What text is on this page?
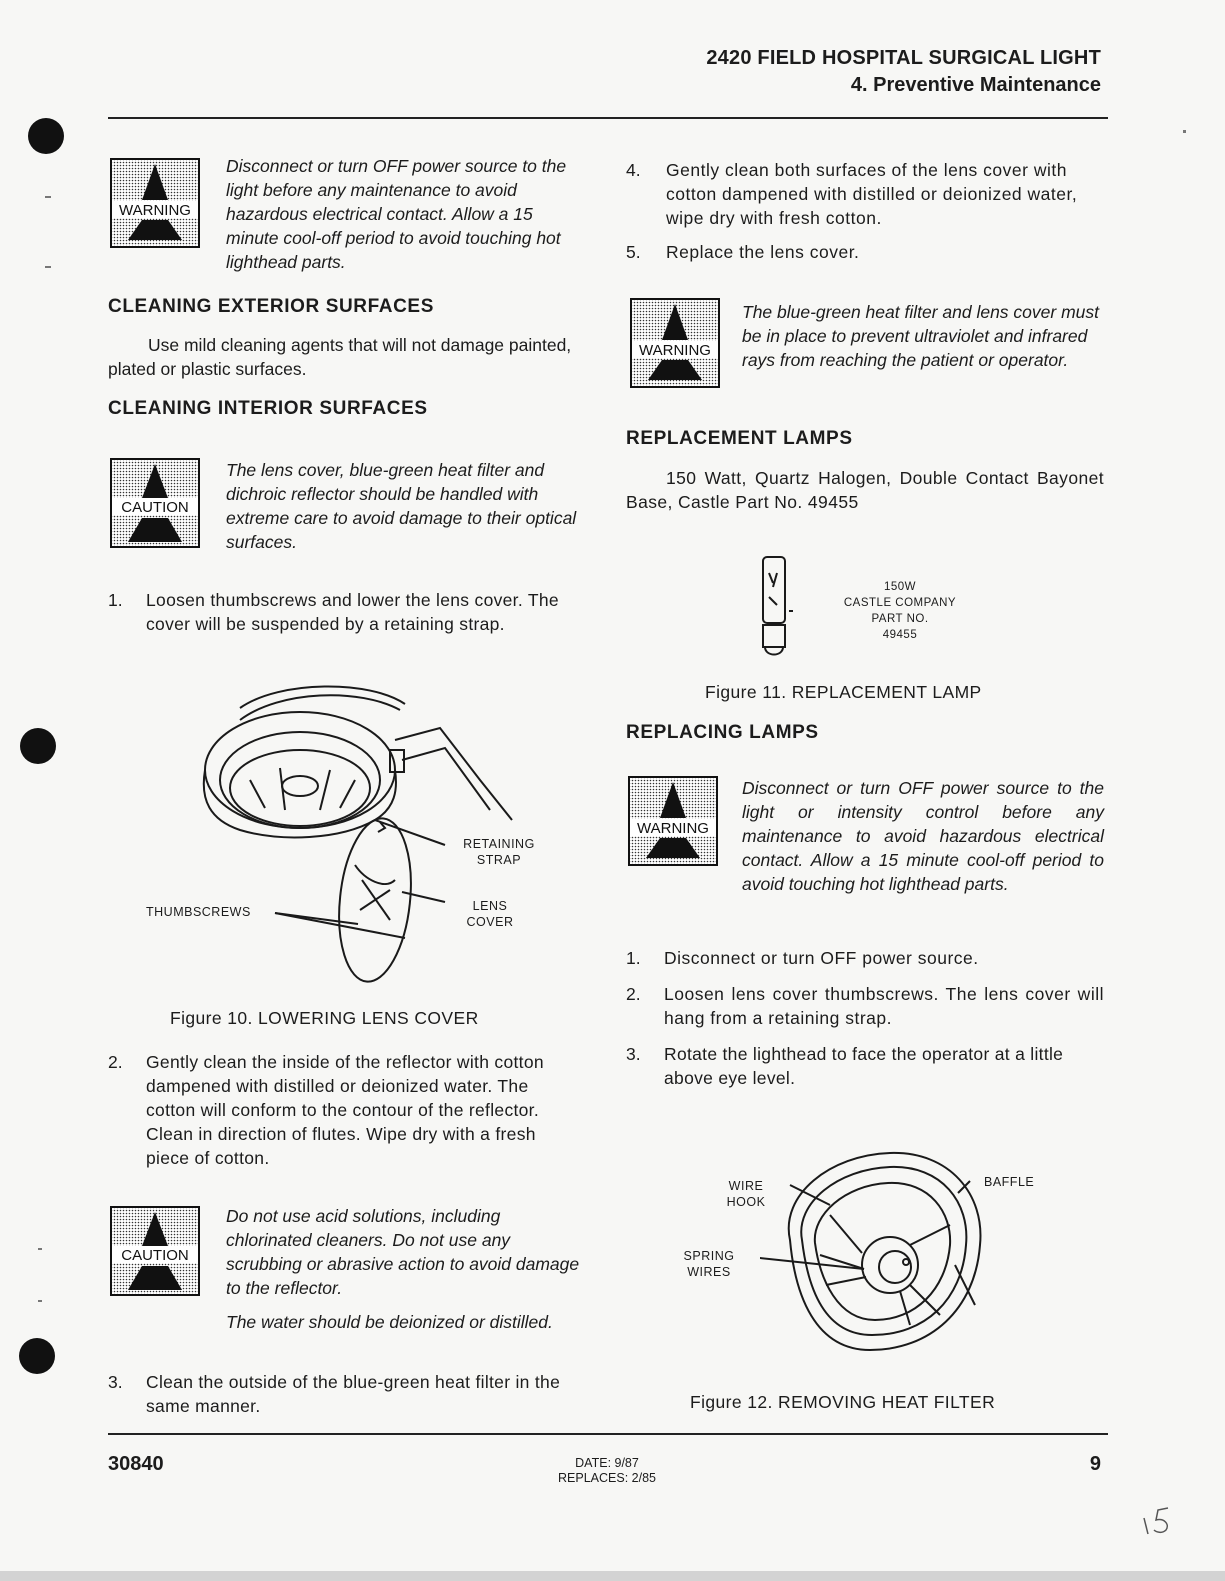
2420 FIELD HOSPITAL SURGICAL LIGHT
4. Preventive Maintenance
WARNING
Disconnect or turn OFF power source to the light before any maintenance to avoid hazardous electrical contact. Allow a 15 minute cool-off period to avoid touching hot lighthead parts.
CLEANING EXTERIOR SURFACES
Use mild cleaning agents that will not damage painted, plated or plastic surfaces.
CLEANING INTERIOR SURFACES
CAUTION
The lens cover, blue-green heat filter and dichroic reflector should be handled with extreme care to avoid damage to their optical surfaces.
1. Loosen thumbscrews and lower the lens cover. The cover will be suspended by a retaining strap.
RETAINING STRAP
THUMBSCREWS	LENS COVER
Figure 10. LOWERING LENS COVER
2. Gently clean the inside of the reflector with cotton dampened with distilled or deionized water. The cotton will conform to the contour of the reflector. Clean in direction of flutes. Wipe dry with a fresh piece of cotton.
CAUTION
Do not use acid solutions, including chlorinated cleaners. Do not use any scrubbing or abrasive action to avoid damage to the reflector.
The water should be deionized or distilled.
3. Clean the outside of the blue-green heat filter in the same manner.
4. Gently clean both surfaces of the lens cover with cotton dampened with distilled or deionized water, wipe dry with fresh cotton.
5. Replace the lens cover.
WARNING
The blue-green heat filter and lens cover must be in place to prevent ultraviolet and infrared rays from reaching the patient or operator.
REPLACEMENT LAMPS
150 Watt, Quartz Halogen, Double Contact Bayonet Base, Castle Part No. 49455
150W
CASTLE COMPANY
PART NO.
49455
Figure 11. REPLACEMENT LAMP
REPLACING LAMPS
WARNING
Disconnect or turn OFF power source to the light or intensity control before any maintenance to avoid hazardous electrical contact. Allow a 15 minute cool-off period to avoid touching hot lighthead parts.
1. Disconnect or turn OFF power source.
2. Loosen lens cover thumbscrews. The lens cover will hang from a retaining strap.
3. Rotate the lighthead to face the operator at a little above eye level.
WIRE HOOK
BAFFLE
SPRING WIRES
Figure 12. REMOVING HEAT FILTER
30840	DATE: 9/87
REPLACES: 2/85
9
15
